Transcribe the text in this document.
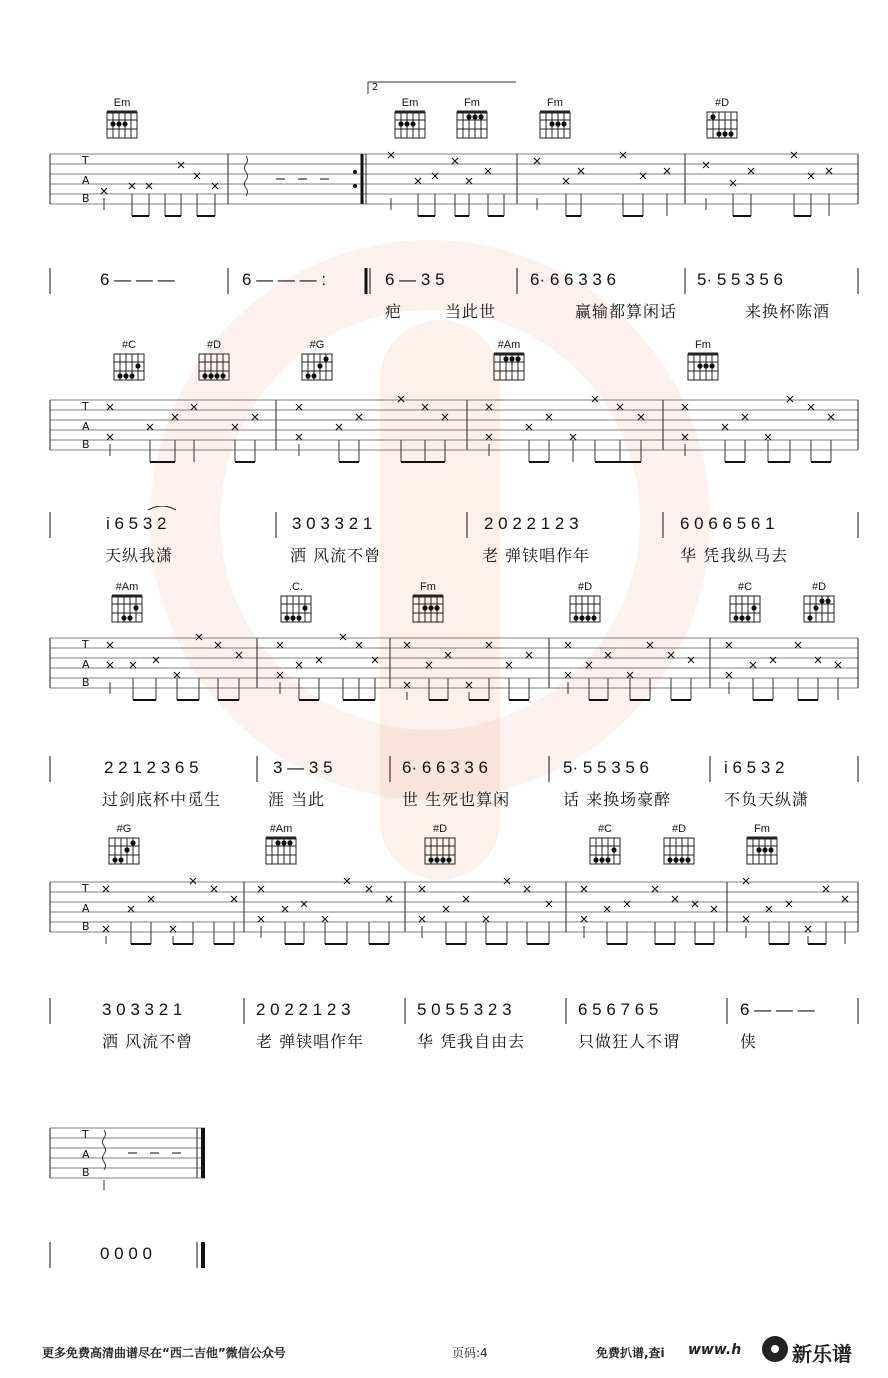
2
Em	Em	Fm	Fm	#D
T
A
B
6 — — —	6 — — — :	6 — 3 5	6· 6 6 3 3 6	5· 5 5 3 5 6
疤	当此世	赢输都算闲话	来换杯陈酒
#C	#D	#G	#Am	Fm
T
A
B
i 6 5 3 2	3 0 3 3 2 1	2 0 2 2 1 2 3	6 0 6 6 5 6 1
天纵我潇	洒 风流不曾	老 弹铗唱作年	华 凭我纵马去
#Am	.C.	Fm	#D	#C	#D
T
A
B
2 2 1 2 3 6 5	3 — 3 5	6· 6 6 3 3 6	5· 5 5 3 5 6	i 6 5 3 2
过剑底杯中觅生	涯 当此	世 生死也算闲	话 来换场豪醉	不负天纵潇
#G	#Am	#D	#C	#D	Fm
T
A
B
3 0 3 3 2 1	2 0 2 2 1 2 3	5 0 5 5 3 2 3	6 5 6 7 6 5	6 — — —
洒 风流不曾	老 弹铗唱作年	华 凭我自由去	只做狂人不谓	侠
T
A
B
0 0 0 0
更多免费高清曲谱尽在“西二吉他”微信公众号	页码:4	免费扒谱,查i www.h	新乐谱
